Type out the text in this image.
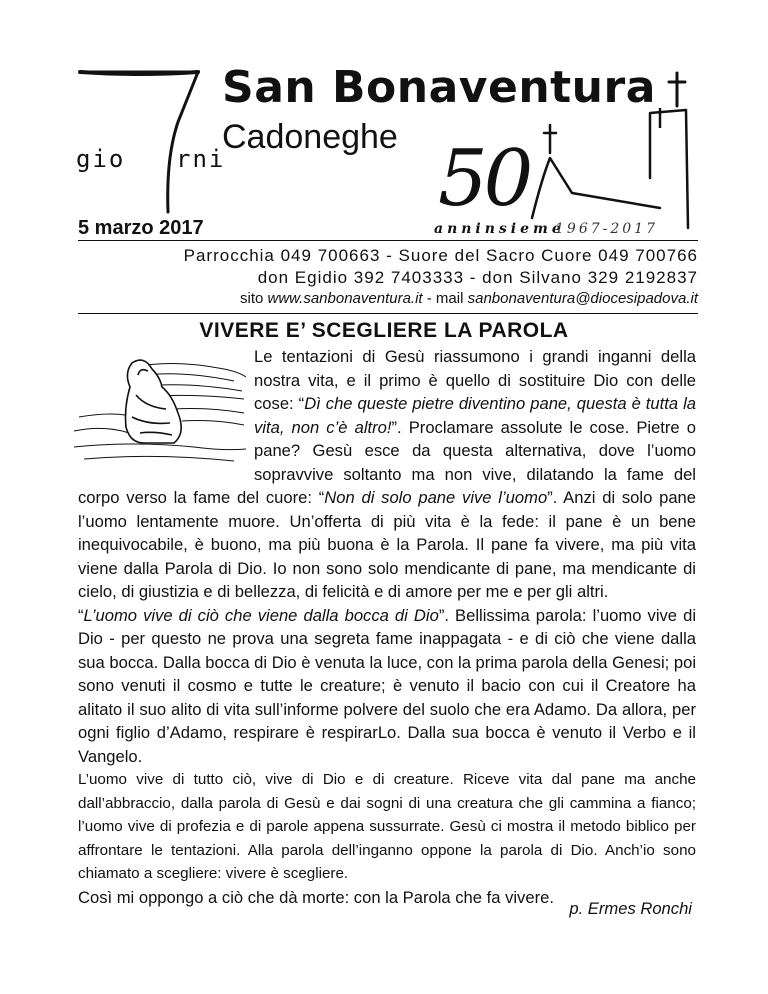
gio rni
San Bonaventura
Cadoneghe 50
anninsieme
1967-2017
5 marzo 2017
Parrocchia 049 700663 - Suore del Sacro Cuore 049 700766
don Egidio 392 7403333 - don Silvano 329 2192837
sito www.sanbonaventura.it - mail sanbonaventura@diocesipadova.it
VIVERE E’ SCEGLIERE LA PAROLA

Le tentazioni di Gesù riassumono i grandi inganni della nostra vita, e il primo è quello di sostituire Dio con delle cose: “Dì che queste pietre diventino pane, questa è tutta la vita, non c’è altro!”. Proclamare assolute le cose. Pietre o pane? Gesù esce da questa alternativa, dove l’uomo sopravvive soltanto ma non vive, dilatando la fame del corpo verso la fame del cuore: “Non di solo pane vive l’uomo”. Anzi di solo pane l’uomo lentamente muore. Un’offerta di più vita è la fede: il pane è un bene inequivocabile, è buono, ma più buona è la Parola. Il pane fa vivere, ma più vita viene dalla Parola di Dio. Io non sono solo mendicante di pane, ma mendicante di cielo, di giustizia e di bellezza, di felicità e di amore per me e per gli altri.

“L’uomo vive di ciò che viene dalla bocca di Dio”. Bellissima parola: l’uomo vive di Dio - per questo ne prova una segreta fame inappagata - e di ciò che viene dalla sua bocca. Dalla bocca di Dio è venuta la luce, con la prima parola della Genesi; poi sono venuti il cosmo e tutte le creature; è venuto il bacio con cui il Creatore ha alitato il suo alito di vita sull’informe polvere del suolo che era Adamo. Da allora, per ogni figlio d’Adamo, respirare è respirarLo. Dalla sua bocca è venuto il Verbo e il Vangelo.

L’uomo vive di tutto ciò, vive di Dio e di creature. Riceve vita dal pane ma anche dall’abbraccio, dalla parola di Gesù e dai sogni di una creatura che gli cammina a fianco; l’uomo vive di profezia e di parole appena sussurrate. Gesù ci mostra il metodo biblico per affrontare le tentazioni. Alla parola dell’inganno oppone la parola di Dio. Anch’io sono chiamato a scegliere: vivere è scegliere.

Così mi oppongo a ciò che dà morte: con la Parola che fa vivere.

p. Ermes Ronchi
